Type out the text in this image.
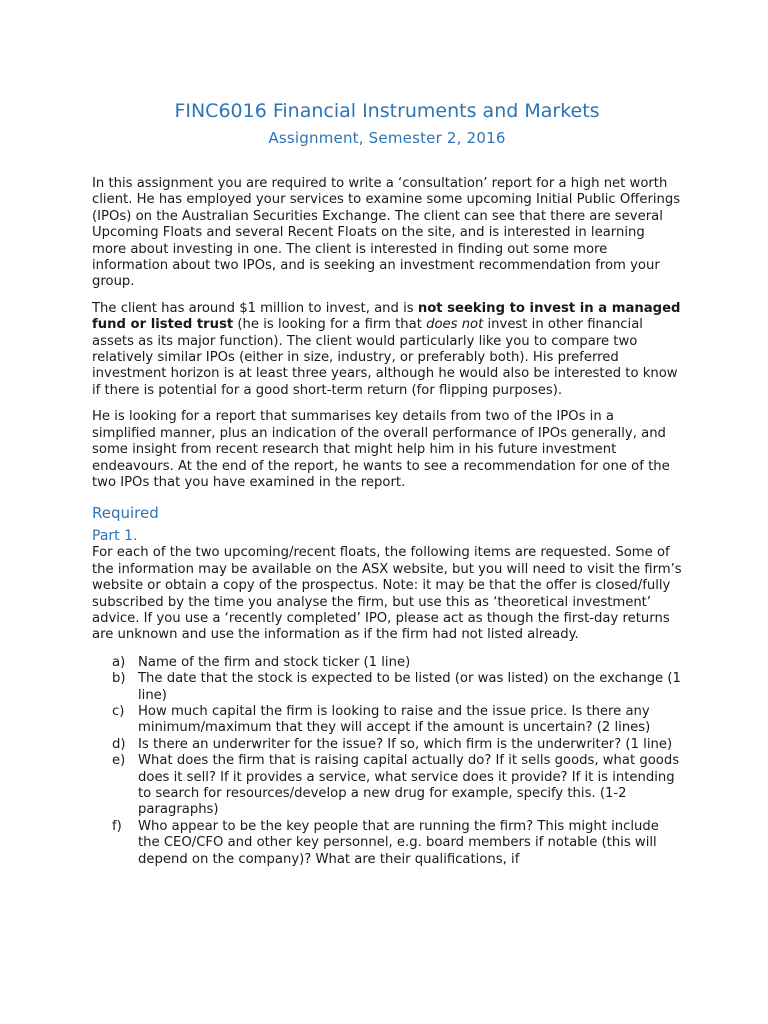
FINC6016 Financial Instruments and Markets
Assignment, Semester 2, 2016

In this assignment you are required to write a ‘consultation’ report for a high net worth client. He has employed your services to examine some upcoming Initial Public Offerings (IPOs) on the Australian Securities Exchange. The client can see that there are several Upcoming Floats and several Recent Floats on the site, and is interested in learning more about investing in one. The client is interested in finding out some more information about two IPOs, and is seeking an investment recommendation from your group.

The client has around $1 million to invest, and is not seeking to invest in a managed fund or listed trust (he is looking for a firm that does not invest in other financial assets as its major function). The client would particularly like you to compare two relatively similar IPOs (either in size, industry, or preferably both). His preferred investment horizon is at least three years, although he would also be interested to know if there is potential for a good short-term return (for flipping purposes).

He is looking for a report that summarises key details from two of the IPOs in a simplified manner, plus an indication of the overall performance of IPOs generally, and some insight from recent research that might help him in his future investment endeavours. At the end of the report, he wants to see a recommendation for one of the two IPOs that you have examined in the report.

Required
Part 1.

For each of the two upcoming/recent floats, the following items are requested. Some of the information may be available on the ASX website, but you will need to visit the firm’s website or obtain a copy of the prospectus. Note: it may be that the offer is closed/fully subscribed by the time you analyse the firm, but use this as ‘theoretical investment’ advice. If you use a ‘recently completed’ IPO, please act as though the first-day returns are unknown and use the information as if the firm had not listed already.

a) Name of the firm and stock ticker (1 line)
b) The date that the stock is expected to be listed (or was listed) on the exchange (1 line)
c) How much capital the firm is looking to raise and the issue price. Is there any minimum/maximum that they will accept if the amount is uncertain? (2 lines)
d) Is there an underwriter for the issue? If so, which firm is the underwriter? (1 line)
e) What does the firm that is raising capital actually do? If it sells goods, what goods does it sell? If it provides a service, what service does it provide? If it is intending to search for resources/develop a new drug for example, specify this. (1-2 paragraphs)
f) Who appear to be the key people that are running the firm? This might include the CEO/CFO and other key personnel, e.g. board members if notable (this will depend on the company)? What are their qualifications, if
